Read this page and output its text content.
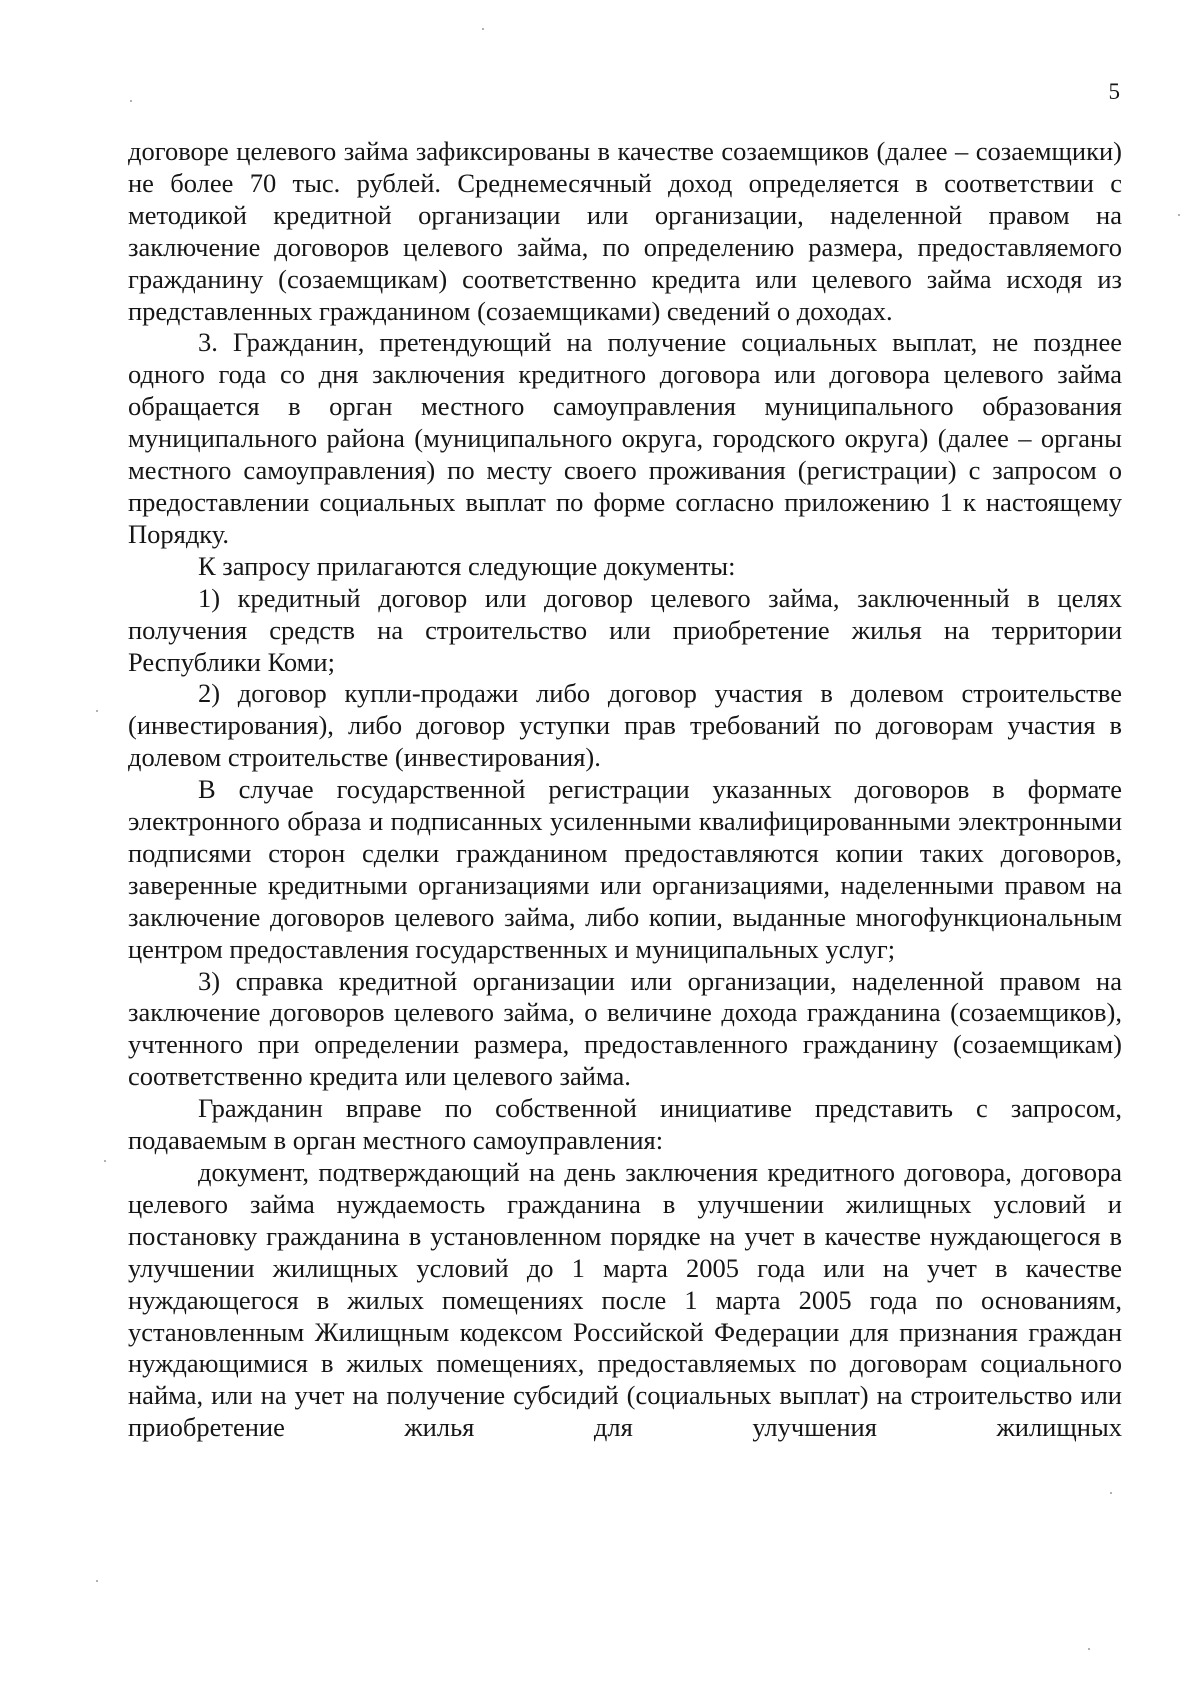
5

договоре целевого займа зафиксированы в качестве созаемщиков (далее – созаемщики) не более 70 тыс. рублей. Среднемесячный доход определяется в соответствии с методикой кредитной организации или организации, наделенной правом на заключение договоров целевого займа, по определению размера, предоставляемого гражданину (созаемщикам) соответственно кредита или целевого займа исходя из представленных гражданином (созаемщиками) сведений о доходах.

3. Гражданин, претендующий на получение социальных выплат, не позднее одного года со дня заключения кредитного договора или договора целевого займа обращается в орган местного самоуправления муниципального образования муниципального района (муниципального округа, городского округа) (далее – органы местного самоуправления) по месту своего проживания (регистрации) с запросом о предоставлении социальных выплат по форме согласно приложению 1 к настоящему Порядку.

К запросу прилагаются следующие документы:

1) кредитный договор или договор целевого займа, заключенный в целях получения средств на строительство или приобретение жилья на территории Республики Коми;

2) договор купли-продажи либо договор участия в долевом строительстве (инвестирования), либо договор уступки прав требований по договорам участия в долевом строительстве (инвестирования).

В случае государственной регистрации указанных договоров в формате электронного образа и подписанных усиленными квалифицированными электронными подписями сторон сделки гражданином предоставляются копии таких договоров, заверенные кредитными организациями или организациями, наделенными правом на заключение договоров целевого займа, либо копии, выданные многофункциональным центром предоставления государственных и муниципальных услуг;

3) справка кредитной организации или организации, наделенной правом на заключение договоров целевого займа, о величине дохода гражданина (созаемщиков), учтенного при определении размера, предоставленного гражданину (созаемщикам) соответственно кредита или целевого займа.

Гражданин вправе по собственной инициативе представить с запросом, подаваемым в орган местного самоуправления:

документ, подтверждающий на день заключения кредитного договора, договора целевого займа нуждаемость гражданина в улучшении жилищных условий и постановку гражданина в установленном порядке на учет в качестве нуждающегося в улучшении жилищных условий до 1 марта 2005 года или на учет в качестве нуждающегося в жилых помещениях после 1 марта 2005 года по основаниям, установленным Жилищным кодексом Российской Федерации для признания граждан нуждающимися в жилых помещениях, предоставляемых по договорам социального найма, или на учет на получение субсидий (социальных выплат) на строительство или приобретение жилья для улучшения жилищных
